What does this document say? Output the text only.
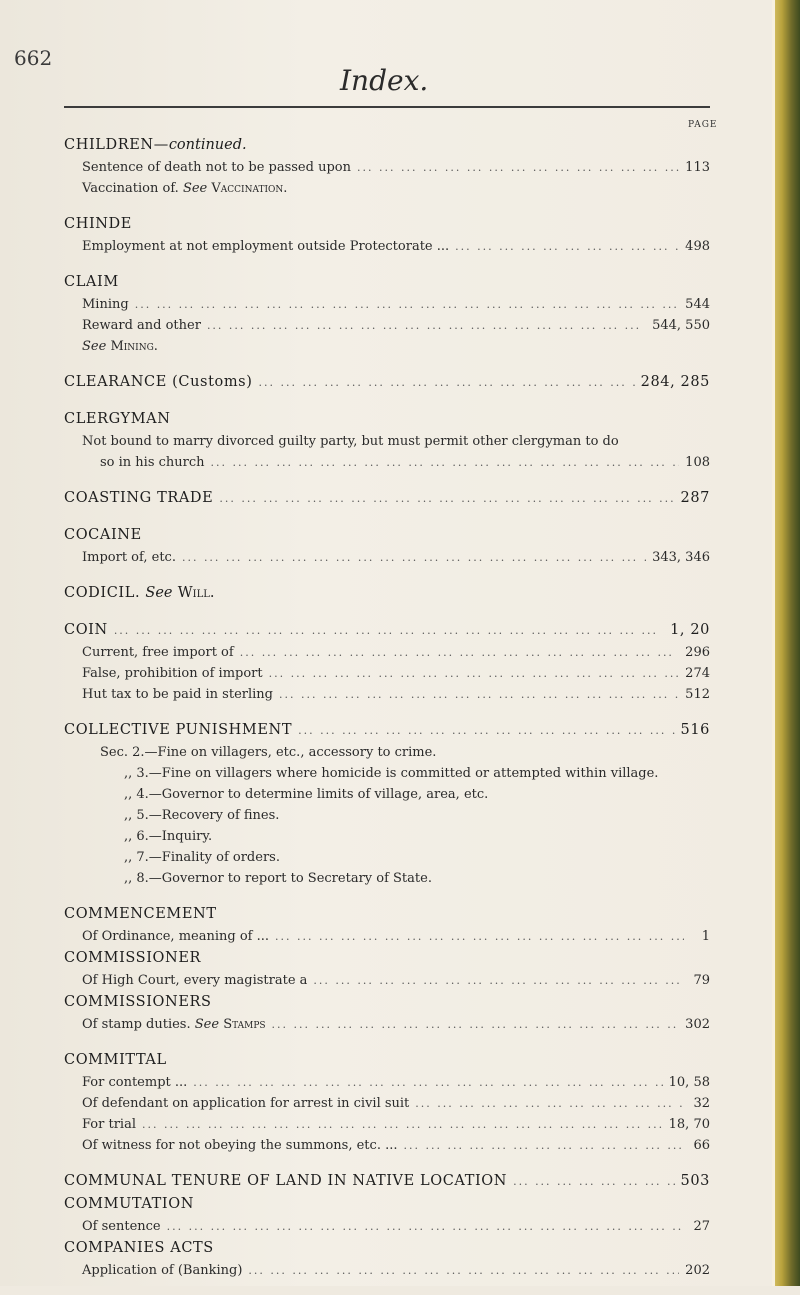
662
Index.
PAGE
CHILDREN—continued.
Sentence of death not to be passed upon ... .	113
Vaccination of. See Vaccination.
CHINDE
Employment at not employment outside Protectorate ... ... .	498
CLAIM
Mining ... .	544
Reward and other ... .	544, 550
See Mining.
CLEARANCE (Customs) ... .	284, 285
CLERGYMAN
Not bound to marry divorced guilty party, but must permit other clergyman to do
so in his church ... .	108
COASTING TRADE ... .	287
COCAINE
Import of, etc. ... .	343, 346
CODICIL. See Will.
COIN ... .	1, 20
Current, free import of ... .	296
False, prohibition of import ... .	274
Hut tax to be paid in sterling ... .	512
COLLECTIVE PUNISHMENT ... .	516
Sec. 2.—Fine on villagers, etc., accessory to crime.
,, 3.—Fine on villagers where homicide is committed or attempted within village.
,, 4.—Governor to determine limits of village, area, etc.
,, 5.—Recovery of fines.
,, 6.—Inquiry.
,, 7.—Finality of orders.
,, 8.—Governor to report to Secretary of State.
COMMENCEMENT
Of Ordinance, meaning of ... ... .	1
COMMISSIONER
Of High Court, every magistrate a ... .	79
COMMISSIONERS
Of stamp duties. See Stamps ... .	302
COMMITTAL
For contempt ... ... .	10, 58
Of defendant on application for arrest in civil suit ... .	32
For trial ... .	18, 70
Of witness for not obeying the summons, etc. ... ... .	66
COMMUNAL TENURE OF LAND IN NATIVE LOCATION ... .	503
COMMUTATION
Of sentence ... .	27
COMPANIES ACTS
Application of (Banking) ... .	202
